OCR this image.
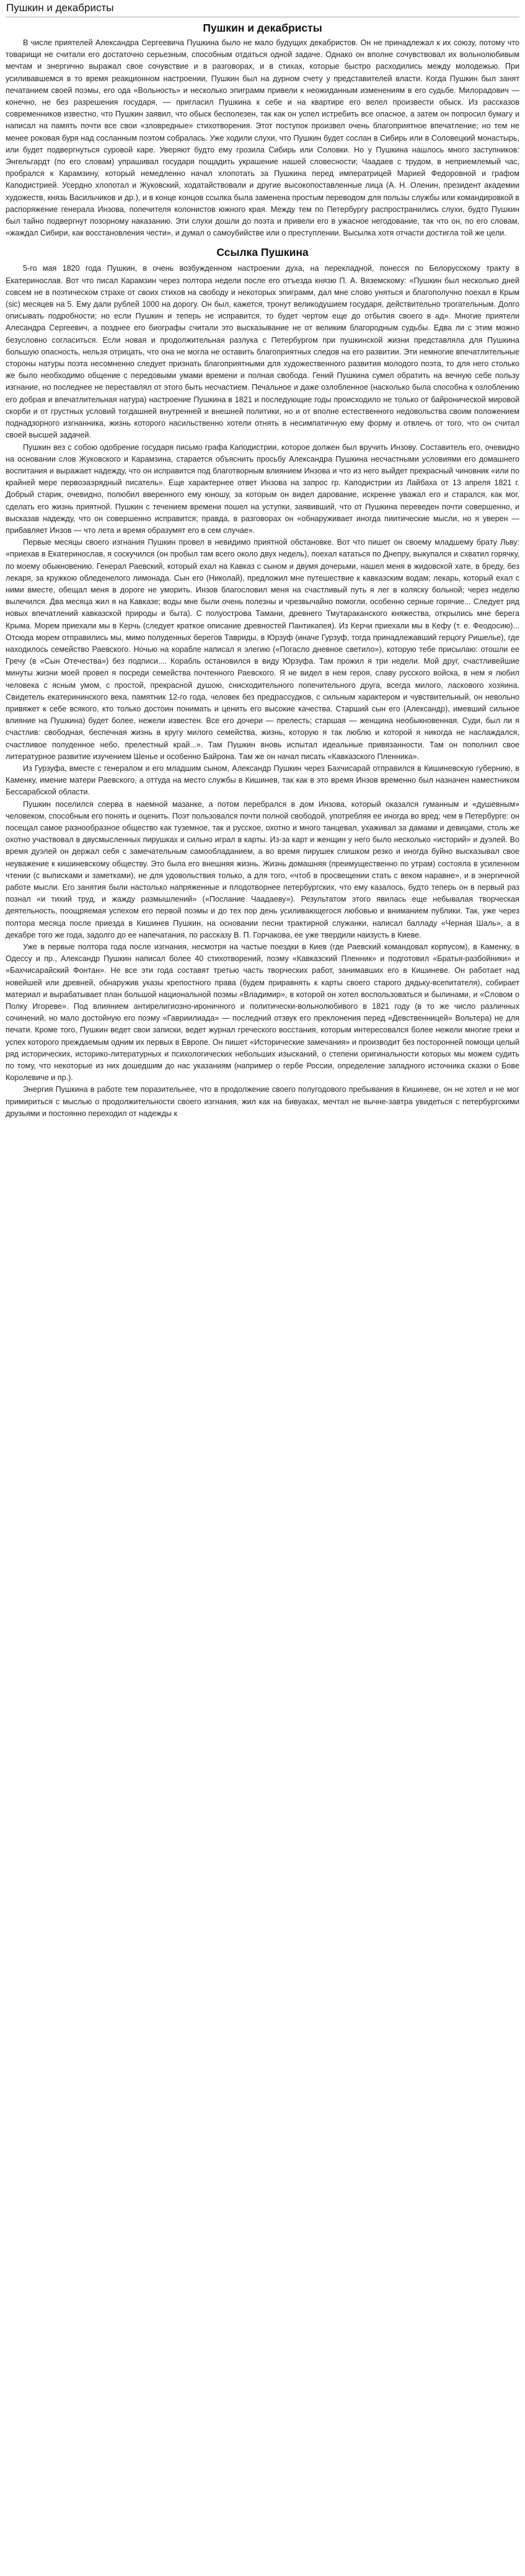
Пушкин и декабристы
Пушкин и декабристы

В числе приятелей Александра Сергеевича Пушкина было не мало будущих декабристов. Он не принадлежал к их союзу, потому что товарищи не считали его достаточно серьезным, способным отдаться одной задаче. Однако он вполне сочувствовал их вольнолюбивым мечтам и энергично выражал свое сочувствие и в разговорах, и в стихах, которые быстро расходились между молодежью. При усиливавшемся в то время реакционном настроении, Пушкин был на дурном счету у представителей власти. Когда Пушкин был занят печатанием своей поэмы, его ода «Вольность» и несколько эпиграмм привели к неожиданным изменениям в его судьбе. Милорадович — конечно, не без разрешения государя, — пригласил Пушкина к себе и на квартире его велел произвести обыск. Из рассказов современников известно, что Пушкин заявил, что обыск бесполезен, так как он успел истребить все опасное, а затем он попросил бумагу и написал на память почти все свои «зловредные» стихотворения. Этот поступок произвел очень благоприятное впечатление; но тем не менее роковая буря над сосланным поэтом собралась. Уже ходили слухи, что Пушкин будет сослан в Сибирь или в Соловецкий монастырь, или будет подвергнуться суровой каре. Уверяют будто ему грозила Сибирь или Соловки. Но у Пушкина нашлось много заступников: Энгельгардт (по его словам) упрашивал государя пощадить украшение нашей словесности; Чаадаев с трудом, в неприемлемый час, пробрался к Карамзину, который немедленно начал хлопотать за Пушкина перед императрицей Марией Федоровной и графом Каподистрией. Усердно хлопотал и Жуковский, ходатайствовали и другие высокопоставленные лица (А. Н. Оленин, президент академии художеств, князь Васильчиков и др.), и в конце концов ссылка была заменена простым переводом для пользы службы или командировкой в распоряжение генерала Инзова, попечителя колонистов южного края. Между тем по Петербургу распространились слухи, будто Пушкин был тайно подвергнут позорному наказанию. Эти слухи дошли до поэта и привели его в ужасное негодование, так что он, по его словам, «жаждал Сибири, как восстановления чести», и думал о самоубийстве или о преступлении. Высылка хотя отчасти достигла той же цели.

Ссылка Пушкина

5-го мая 1820 года Пушкин, в очень возбужденном настроении духа, на перекладной, понесся по Белорусскому тракту в Екатеринослав. Вот что писал Карамзин через полтора недели после его отъезда князю П. А. Вяземскому: «Пушкин был несколько дней совсем не в поэтическом страхе от своих стихов на свободу и некоторых эпиграмм, дал мне слово уняться и благополучно поехал в Крым (sic) месяцев на 5. Ему дали рублей 1000 на дорогу. Он был, кажется, тронут великодушием государя, действительно трогательным. Долго описывать подробности; но если Пушкин и теперь не исправится, то будет чертом еще до отбытия своего в ад». Многие приятели Алесандра Сергеевич, а позднее его биографы считали это высказывание не от великим благородным судьбы. Едва ли с этим можно безусловно согласиться. Если новая и продолжительная разлука с Петербургом при пушкинской жизни представляла для Пушкина большую опасность, нельзя отрицать, что она не могла не оставить благоприятных следов на его развитии. Эти немногие впечатлительные стороны натуры поэта несомненно следует признать благоприятными для художественного развития молодого поэта, то для него столько же было необходимо общение с передовыми умами времени и полная свобода. Гений Пушкина сумел обратить на вечную себе пользу изгнание, но последнее не переставлял от этого быть несчастием. Печальное и даже озлобленное (насколько была способна к озлоблению его добрая и впечатлительная натура) настроение Пушкина в 1821 и последующие годы происходило не только от байронической мировой скорби и от грустных условий тогдашней внутренней и внешней политики, но и от вполне естественного недовольства своим положением поднадзорного изгнанника, жизнь которого насильственно хотели отнять в несимпатичную ему форму и отвлечь от того, что он считал своей высшей задачей.

Пушкин вез с собою одобрение государя письмо графа Каподистрии, которое должен был вручить Инзову. Составитель его, очевидно на основании слов Жуковского и Карамзина, старается объяснить просьбу Александра Пушкина несчастными условиями его домашнего воспитания и выражает надежду, что он исправится под благотворным влиянием Инзова и что из него выйдет прекрасный чиновник «или по крайней мере первоэаэрядный писатель». Еще характернее ответ Инзова на запрос гр. Каподистрии из Лайбаха от 13 апреля 1821 г. Добрый старик, очевидно, полюбил вверенного ему юношу, за которым он видел дарование, искренне уважал его и старался, как мог, сделать его жизнь приятной. Пушкин с течением времени пошел на уступки, заявивший, что от Пушкина переведен почти совершенно, и высказав надежду, что он совершенно исправится; правда, в разговорах он «обнаруживает иногда пиитические мысли, но я уверен — прибавляет Инзов — что лета и время образумят его в сем случае».

Первые месяцы своего изгнания Пушкин провел в невидимо приятной обстановке. Вот что пишет он своему младшему брату Льву: «приехав в Екатеринослав, я соскучился (он пробыл там всего около двух недель), поехал кататься по Днепру, выкупался и схватил горячку, по моему обыкновению. Генерал Раевский, который ехал на Кавказ с сыном и двумя дочерьми, нашел меня в жидовской хате, в бреду, без лекаря, за кружкою обледенелого лимонада. Сын его (Николай), предложил мне путешествие к кавказским водам; лекарь, который ехал с ними вместе, обещал меня в дороге не уморить. Инзов благословил меня на счастливый путь я лег в коляску больной; через неделю вылечился. Два месяца жил я на Кавказе; воды мне были очень полезны и чрезвычайно помогли, особенно серные горячие... Следует ряд новых впечатлений кавказской природы и быта). С полуострова Тамани, древнего Тмутараканского княжества, открылись мне берега Крыма. Морем приехали мы в Керчь (следует краткое описание древностей Пантикапея). Из Керчи приехали мы в Кефу (т. е. Феодосию)... Отсюда морем отправились мы, мимо полуденных берегов Тавриды, в Юрзуф (иначе Гурзуф, тогда принадлежавший герцогу Ришелье), где находилось семейство Раевского. Ночью на корабле написал я элегию («Погасло дневное светило»), которую тебе присылаю: отошли ее Гречу (в «Сын Отечества») без подписи.... Корабль остановился в виду Юрзуфа. Там прожил я три недели. Мой друг, счастливейшие минуты жизни моей провел я посреди семейства почтенного Раевского. Я не видел в нем героя, славу русского войска, в нем я любил человека с ясным умом, с простой, прекрасной душою, снисходительного попечительного друга, всегда милого, ласкового хозяина. Свидетель екатерининского века, памятник 12-го года, человек без предрассудков, с сильным характером и чувствительный, он невольно привяжет к себе всякого, кто только достоин понимать и ценить его высокие качества. Старший сын его (Александр), имевший сильное влияние на Пушкина) будет более, нежели известен. Все его дочери — прелесть; старшая — женщина необыкновенная. Суди, был ли я счастлив: свободная, беспечная жизнь в кругу милого семейства, жизнь, которую я так люблю и которой я никогда не наслаждался, счастливое полуденное небо, прелестный край...». Там Пушкин вновь испытал идеальные привязанности. Там он пополнил свое литературное развитие изучением Шенье и особенно Байрона. Там же он начал писать «Кавказского Пленника».

Из Гурзуфа, вместе с генералом и его младшим сыном, Александр Пушкин через Бахчисарай отправился в Кишиневскую губернию, в Каменку, имение матери Раевского, а оттуда на место службы в Кишинев, так как в это время Инзов временно был назначен наместником Бессарабской области.

Пушкин поселился сперва в наемной мазанке, а потом перебрался в дом Инзова, который оказался гуманным и «душевным» человеком, способным его понять и оценить. Поэт пользовался почти полной свободой, употребляя ее иногда во вред; чем в Петербурге: он посещал самое разнообразное общество как туземное, так и русское, охотно и много танцевал, ухаживал за дамами и девицами, столь же охотно участвовал в двусмысленных пирушках и сильно играл в карты. Из-за карт и женщин у него было несколько «историй» и дуэлей. Во время дуэлей он держал себя с замечательным самообладанием, а во время пирушек слишком резко и иногда буйно высказывал свое неуважение к кишиневскому обществу. Это была его внешняя жизнь. Жизнь домашняя (преимущественно по утрам) состояла в усиленном чтении (с выписками и заметками), не для удовольствия только, а для того, «чтоб в просвещении стать с веком наравне», и в энергичной работе мысли. Его занятия были настолько напряженные и плодотворнее петербургских, что ему казалось, будто теперь он в первый раз познал «и тихий труд, и жажду размышлений» («Послание Чаадаеву»). Результатом этого явилась еще небывалая творческая деятельность, поощряемая успехом его первой поэмы и до тех пор день усиливающегося любовью и вниманием публики. Так, уже через полтора месяца после приезда в Кишинев Пушкин, на основании песни трактирной служанки, написал балладу «Черная Шаль», а в декабре того же года, задолго до ее напечатания, по рассказу В. П. Горчакова, ее уже твердили наизусть в Киеве.

Уже в первые полтора года после изгнания, несмотря на частые поездки в Киев (где Раевский командовал корпусом), в Каменку, в Одессу и пр., Александр Пушкин написал более 40 стихотворений, поэму «Кавказский Пленник» и подготовил «Братья-разбойники» и «Бахчисарайский Фонтан». Не все эти года составят третью часть творческих работ, занимавших его в Кишиневе. Он работает над новейшей или древней, обнаружив указы крепостного права (будем приравнять к карты своего старого дядьку-всепитателя), собирает материал и вырабатывает план большой национальной поэмы «Владимир», в которой он хотел воспользоваться и былинами, и «Словом о Полку Игореве». Под влиянием антирелигиозно-ироничного и политически-вольнолюбивого в 1821 году (в то же число различных сочинений, но мало достойную его поэму «Гавриилиада» — последний отзвук его преклонения перед «Девственницей» Вольтера) не для печати. Кроме того, Пушкин ведет свои записки, ведет журнал греческого восстания, которым интересовался более нежели многие греки и успех которого преждаемым одним их первых в Европе. Он пишет «Исторические замечания» и производит без посторонней помощи целый ряд исторических, историко-литературных и психологических небольших изысканий, о степени оригинальности которых мы можем судить по тому, что некоторые из них дошедшим до нас указаниям (например о гербе России, определение западного источника сказки о Бове Королевиче и пр.).

Энергия Пушкина в работе тем поразительнее, что в продолжение своего полугодового пребывания в Кишиневе, он не хотел и не мог примириться с мыслью о продолжительности своего изгнания, жил как на бивуаках, мечтал не вычне-завтра увидеться с петербургскими друзьями и постоянно переходил от надежды к
